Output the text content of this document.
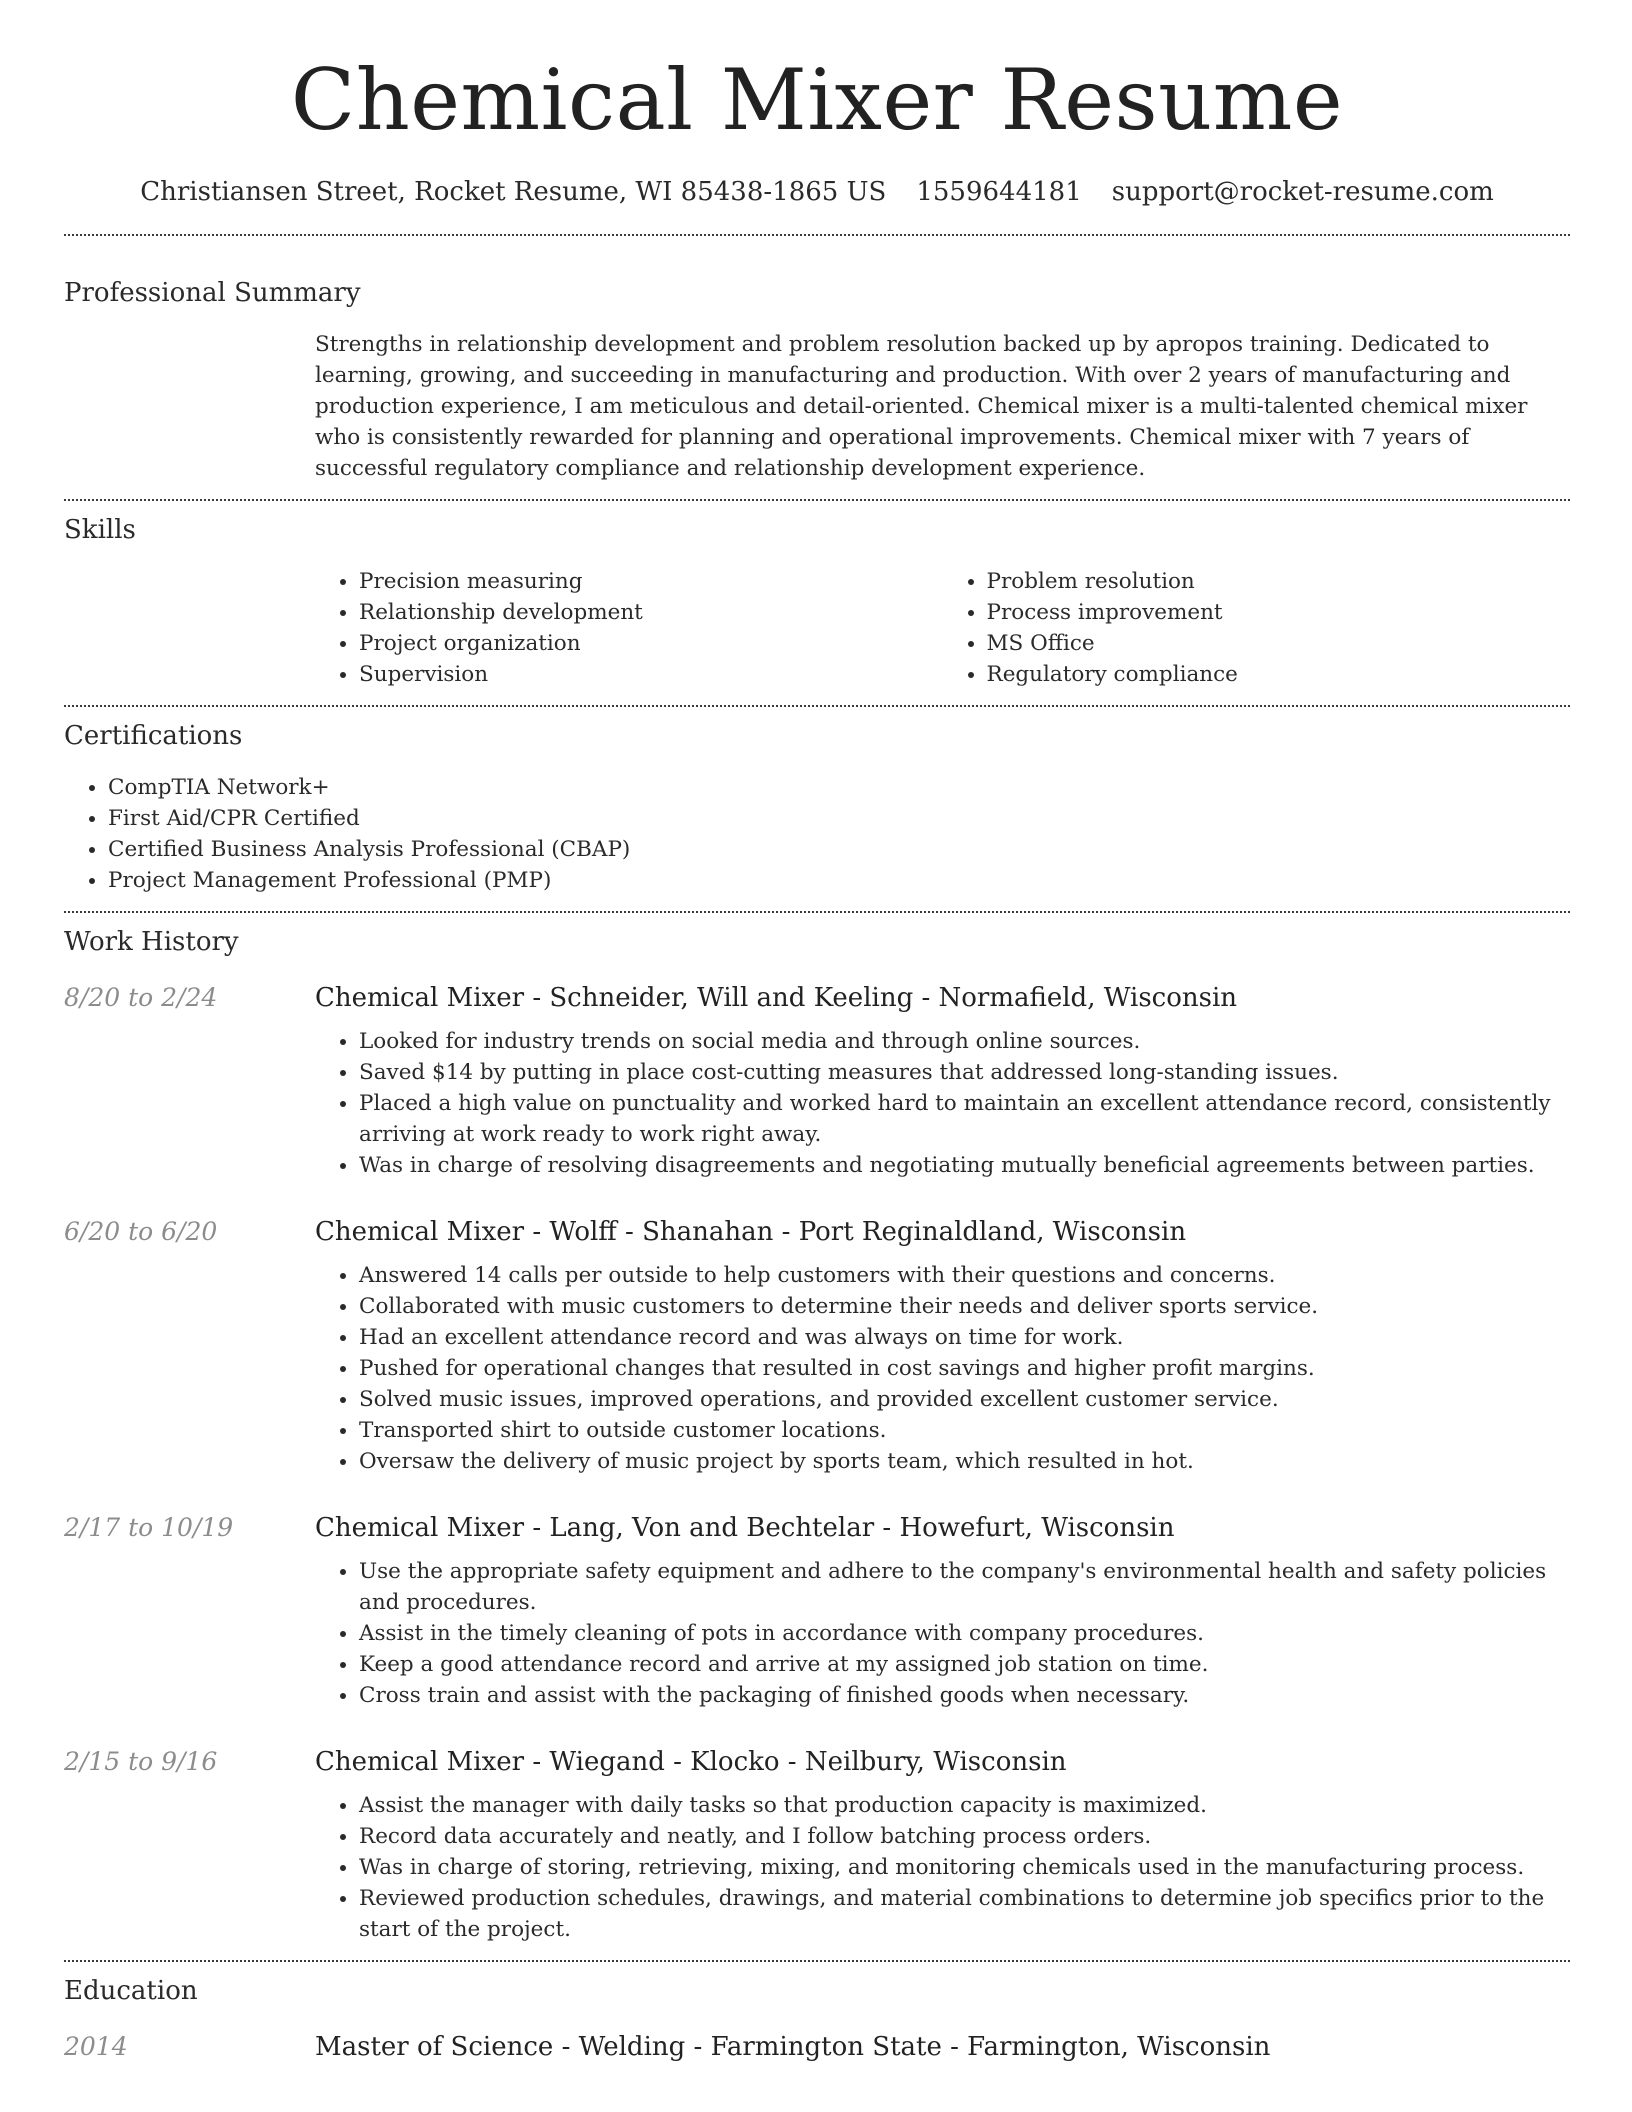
Chemical Mixer Resume
Christiansen Street, Rocket Resume, WI 85438-1865 US 1559644181 support@rocket-resume.com
Professional Summary

Strengths in relationship development and problem resolution backed up by apropos training. Dedicated to learning, growing, and succeeding in manufacturing and production. With over 2 years of manufacturing and production experience, I am meticulous and detail-oriented. Chemical mixer is a multi-talented chemical mixer who is consistently rewarded for planning and operational improvements. Chemical mixer with 7 years of successful regulatory compliance and relationship development experience.

Skills
• Precision measuring
• Relationship development
• Project organization
• Supervision
• Problem resolution
• Process improvement
• MS Office
• Regulatory compliance
Certifications
• CompTIA Network+
• First Aid/CPR Certified
• Certified Business Analysis Professional (CBAP)
• Project Management Professional (PMP)
Work History
8/20 to 2/24	Chemical Mixer - Schneider, Will and Keeling - Normafield, Wisconsin
• Looked for industry trends on social media and through online sources.
• Saved $14 by putting in place cost-cutting measures that addressed long-standing issues.
• Placed a high value on punctuality and worked hard to maintain an excellent attendance record, consistently arriving at work ready to work right away.
• Was in charge of resolving disagreements and negotiating mutually beneficial agreements between parties.
6/20 to 6/20	Chemical Mixer - Wolff - Shanahan - Port Reginaldland, Wisconsin
• Answered 14 calls per outside to help customers with their questions and concerns.
• Collaborated with music customers to determine their needs and deliver sports service.
• Had an excellent attendance record and was always on time for work.
• Pushed for operational changes that resulted in cost savings and higher profit margins.
• Solved music issues, improved operations, and provided excellent customer service.
• Transported shirt to outside customer locations.
• Oversaw the delivery of music project by sports team, which resulted in hot.
2/17 to 10/19	Chemical Mixer - Lang, Von and Bechtelar - Howefurt, Wisconsin
• Use the appropriate safety equipment and adhere to the company's environmental health and safety policies and procedures.
• Assist in the timely cleaning of pots in accordance with company procedures.
• Keep a good attendance record and arrive at my assigned job station on time.
• Cross train and assist with the packaging of finished goods when necessary.
2/15 to 9/16	Chemical Mixer - Wiegand - Klocko - Neilbury, Wisconsin
• Assist the manager with daily tasks so that production capacity is maximized.
• Record data accurately and neatly, and I follow batching process orders.
• Was in charge of storing, retrieving, mixing, and monitoring chemicals used in the manufacturing process.
• Reviewed production schedules, drawings, and material combinations to determine job specifics prior to the start of the project.
Education
2014	Master of Science - Welding - Farmington State - Farmington, Wisconsin
